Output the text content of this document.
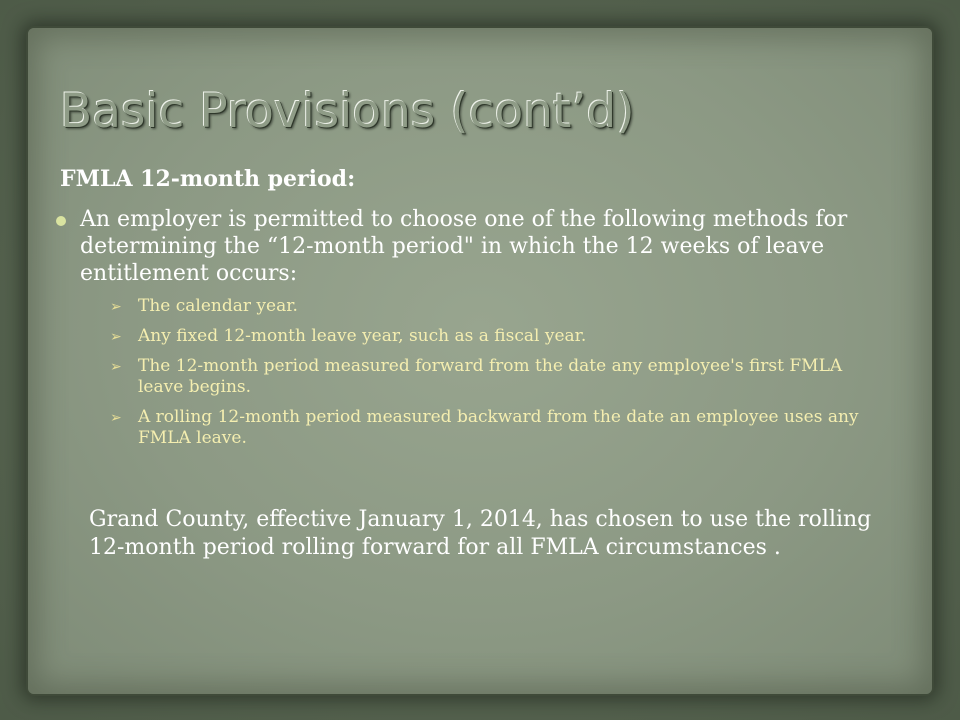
Basic Provisions (cont’d)
FMLA 12-month period:
An employer is permitted to choose one of the following methods for determining the “12-month period" in which the 12 weeks of leave entitlement occurs:
➢ The calendar year.
➢ Any fixed 12-month leave year, such as a fiscal year.
➢ The 12-month period measured forward from the date any employee's first FMLA leave begins.
➢ A rolling 12-month period measured backward from the date an employee uses any FMLA leave.
Grand County, effective January 1, 2014, has chosen to use the rolling 12-month period rolling forward for all FMLA circumstances .
